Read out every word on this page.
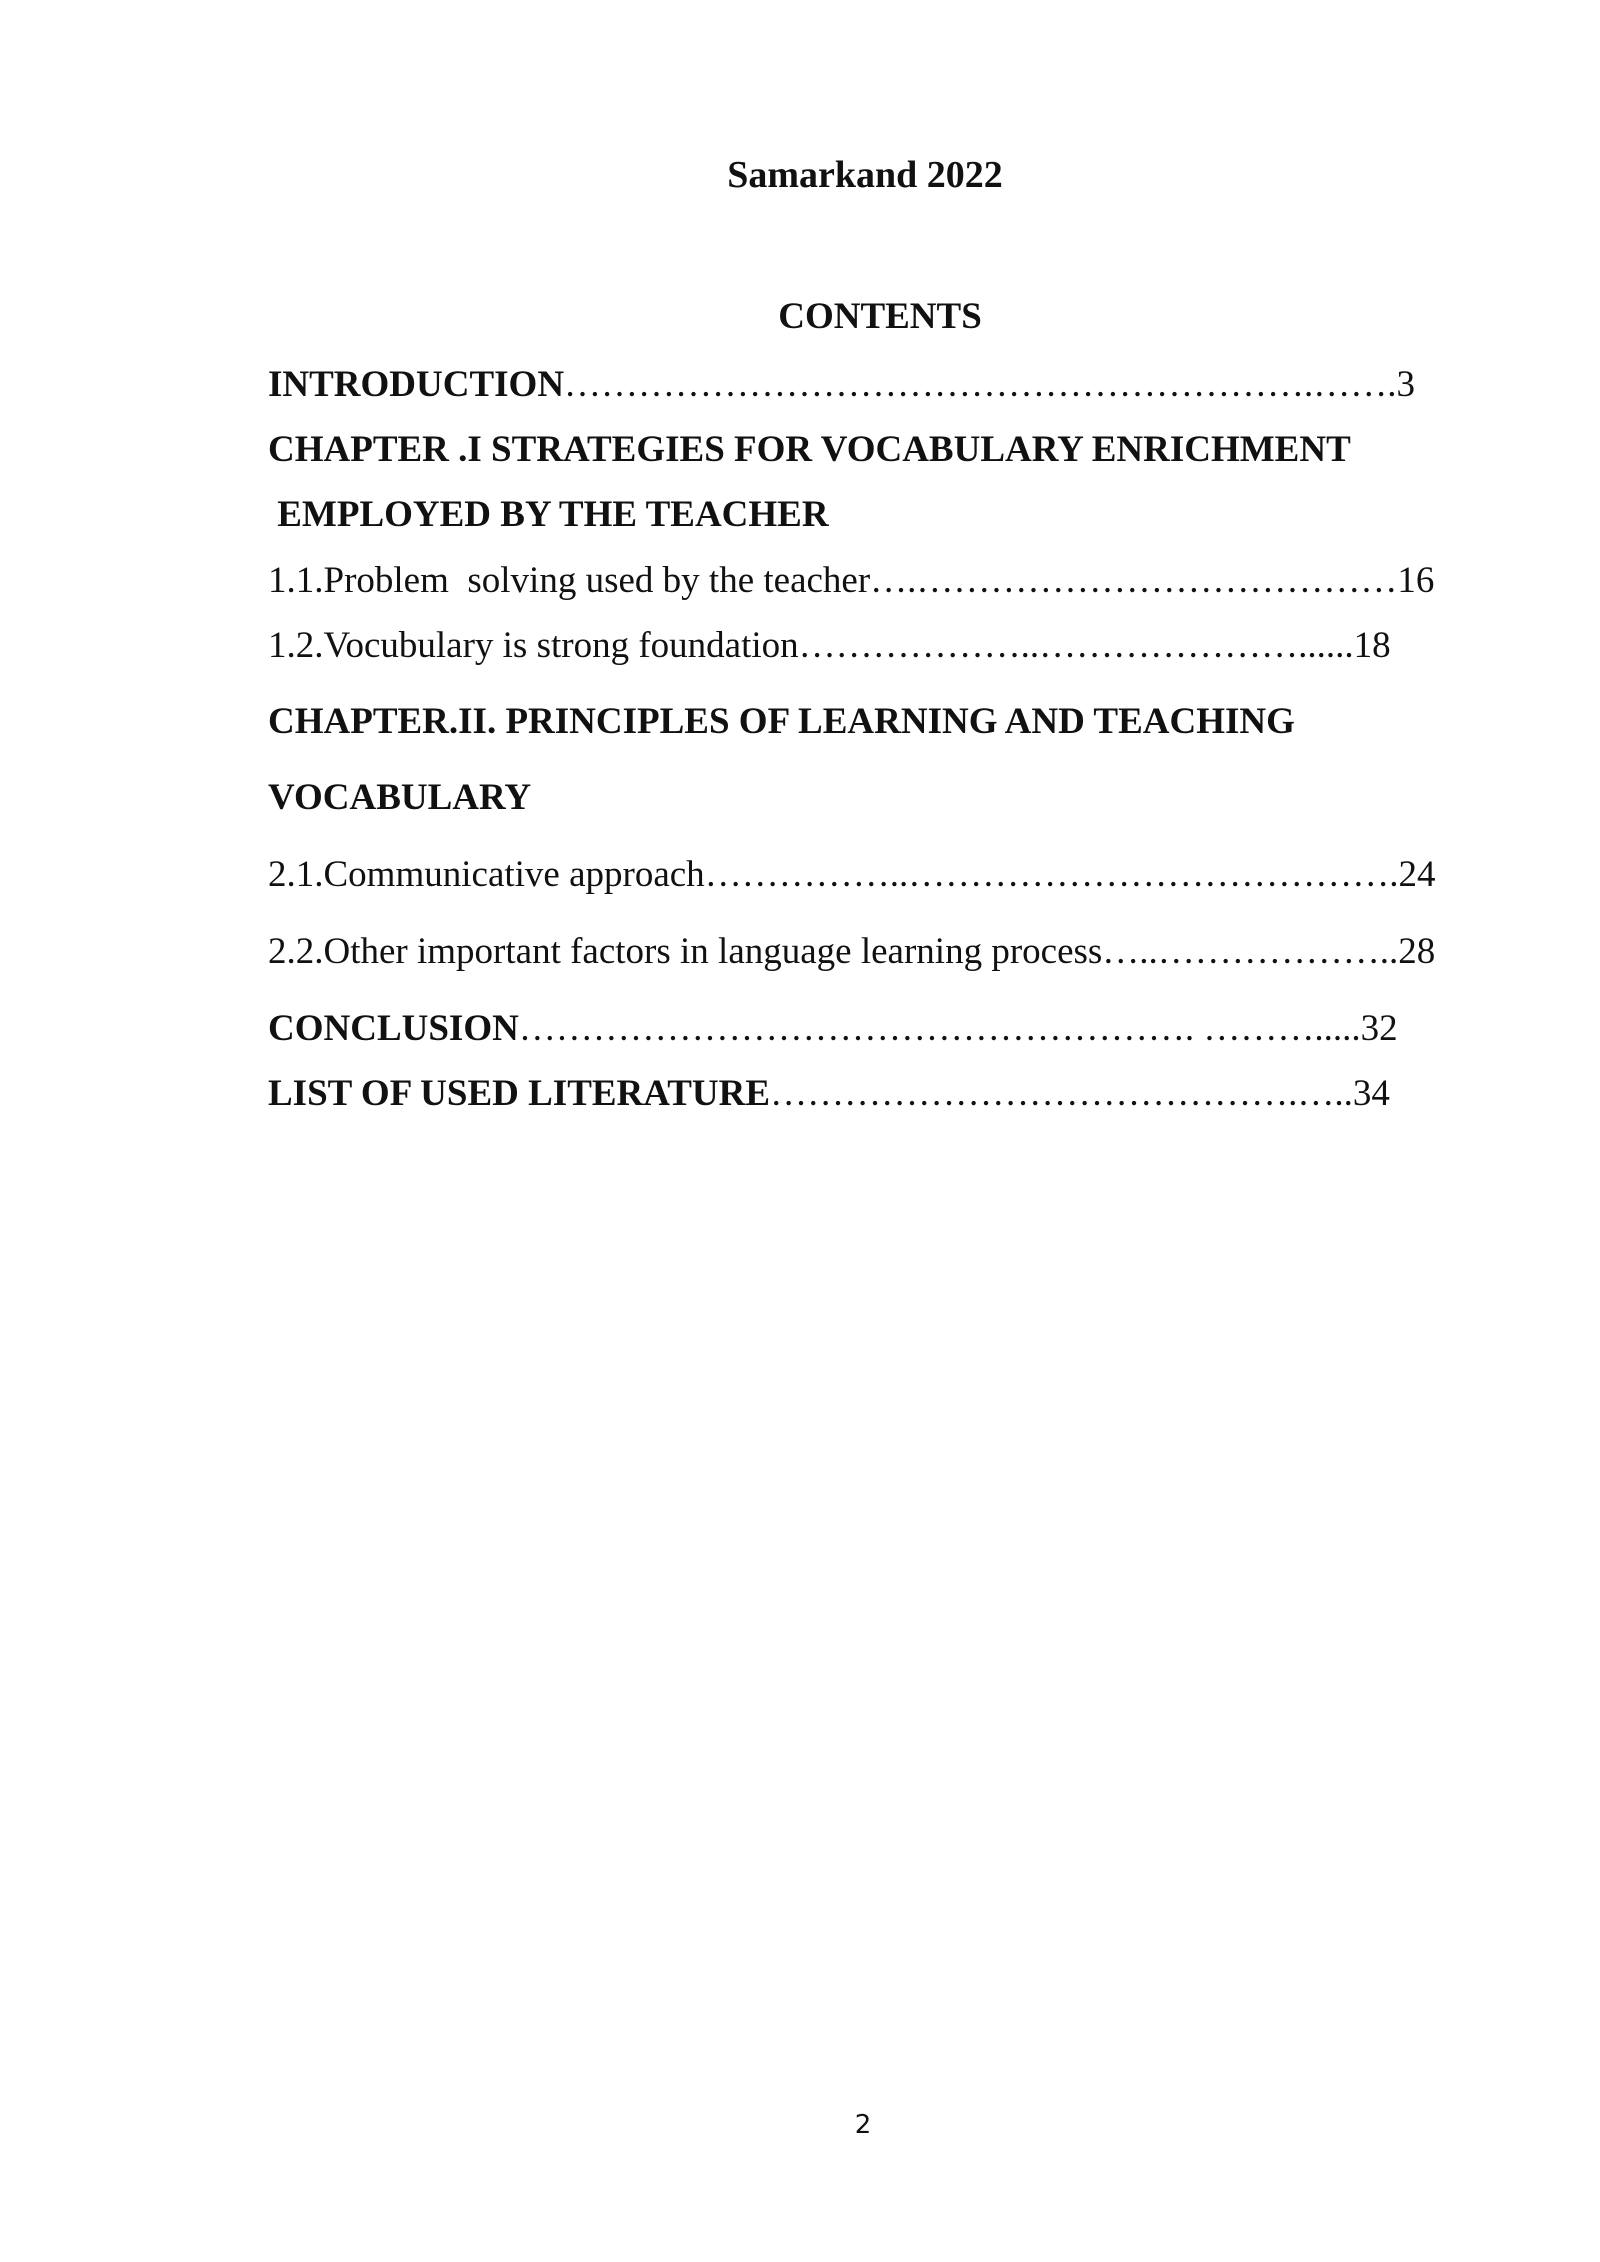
Samarkand 2022
CONTENTS
INTRODUCTION…………………………………………………….…….3
CHAPTER .I STRATEGIES FOR VOCABULARY ENRICHMENT
EMPLOYED BY THE TEACHER
1.1.Problem  solving used by the teacher….…………………………………16
1.2.Vocubulary is strong foundation………………..…………………......18
CHAPTER.II. PRINCIPLES OF LEARNING AND TEACHING
VOCABULARY
2.1.Communicative approach……………..………………………………….24
2.2.Other important factors in language learning process…..………………..28
CONCLUSION………………………………………………. ……….....32
LIST OF USED LITERATURE…………………………………….…..34
2
